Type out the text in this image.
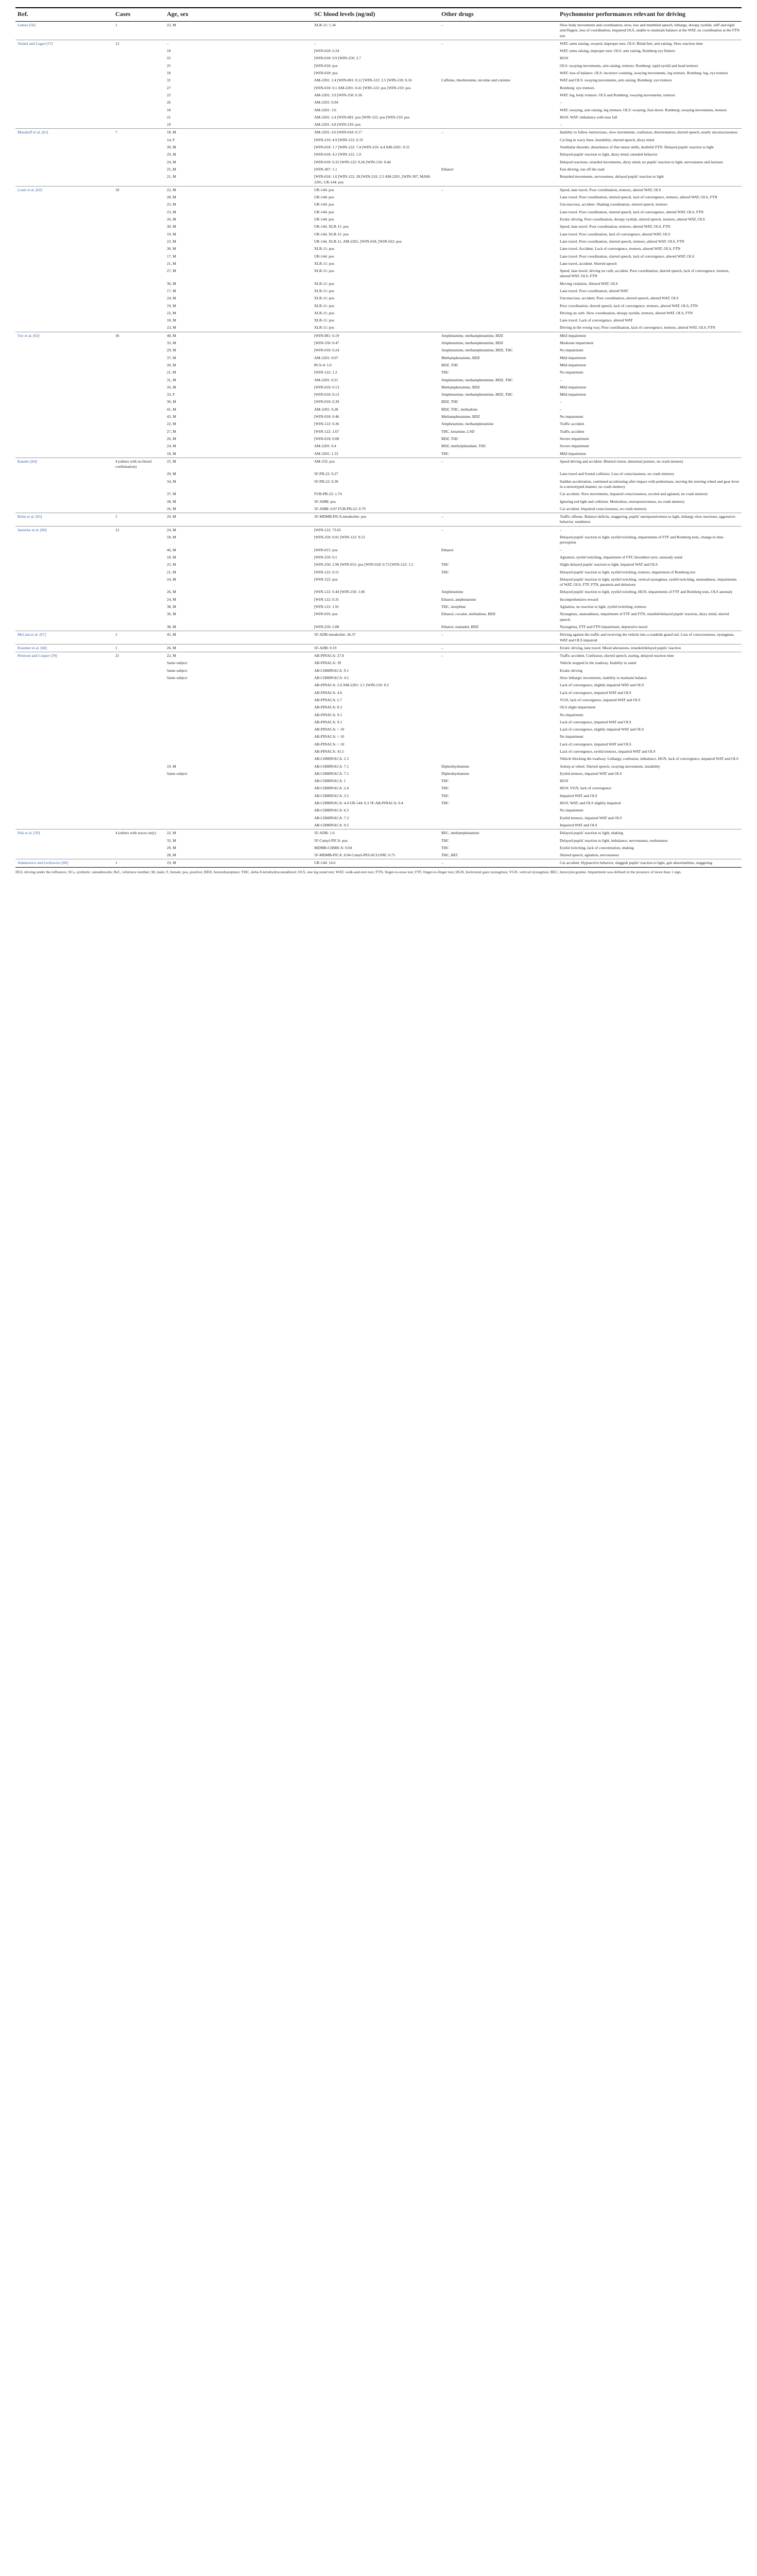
Ref.	Cases	Age, sex	SC blood levels (ng/ml)	Other drugs	Psychomotor performances relevant for driving
Lemos [56]	1	22, M	XLR-11: 1.34	–	Slow body movements and coordination, slow, low and mumbled speech, lethargy, droopy eyelids, stiff and rigid arm/fingers, loss of coordination, impaired OLS, unable to maintain balance at the WAT, no coordination at the FTN test
Yeakel and Logan [57]	12	–	–	–	WAT: arms raising, swayed, improper turn. OLS: Blind-feet, arm raising. Slow reaction time
		18	[WIN-018: 0.24		WAT: arms raising, improper turn. OLS: arm raising, Romberg eye flutters
		22	[WIN-018: 9.9 [WIN-250: 2.7		HGN
		25	[WIN-018: pos		OLS: swaying movements, arm raising, tremors. Romberg: rapid eyelid and head tremors
		18	[WIN-018: pos		WAT: loss of balance. OLS: incorrect counting, swaying movements, leg tremors. Romberg: leg, eye tremors
		31	AM-2201: 2.4 [WIN-081: 0.12 [WIN-122: 2.5 [WIN-210: 0.16	Caffeine, theobromine, nicotine and cotinine	WAT and OLS: swaying movements, arm raising. Romberg: eye tremors
		27	[WIN-018: 0.1 AM-2201: 0.41 [WIN-122: pos [WIN-210: pos		Romberg: eye tremors
		22	AM-2201: 3.9 [WIN-250: 0.36		WAT: leg, body tremors. OLS and Romberg: swaying movements, tremors
		26	AM-2201: 0.94		–
		18	AM-2201: 3.6		WAT: swaying, arm raising, leg tremors. OLS: swaying, foot down. Romberg: swaying movements, tremors
		21	AM-2201: 2.4 [WIN-081: pos [WIN-122: pos [WIN-210: pos		HGN. WAT: imbalance with near fall
		19	AM-2201: 4.8 [WIN-210: pos		–
Musshoff et al. [61]	7	18, M	AM-2201: 4.6 [WIN-018: 0.17	–	Inability to follow instructions, slow movements, confusion, disorientation, slurred speech, nearly unconsciousness
		14, F	[WIN-210: 4.9 [WIN-122: 0.33		Cycling in wavy lines. Instability, slurred speech, dizzy mind
		20, M	[WIN-018: 1.7 [WIN-122: 7.4 [WIN-210: 4.4 AM-2201: 0.31		Vestibular disorder, disturbance of fine motor skills, doubtful FTN. Delayed pupils' reaction to light
		29, M	[WIN-018: 4.2 [WIN-122: 1.0		Delayed pupils' reaction to light, dizzy mind, retarded behavior
		24, M	[WIN-018: 0.32 [WIN-122: 0.26 [WIN-210: 0.46		Delayed reactions, retarded movements, dizzy mind, no pupils' reaction to light, nervousness and laziness
		25, M	[WIN-307: 1.1	Ethanol	Fast driving, run off the road
		21, M	[WIN-018: 1.0 [WIN-122: 28 [WIN-210: 2.5 AM-2201, [WIN-307, MAM-2201, UR-144: pos		Retarded movements, nervousness, delayed pupils' reaction to light
Louis et al. [62]	18	22, M	UR-144: pos	–	Speed, lane travel. Poor coordination, tremors, altered WAT, OLS
		28, M	UR-144: pos		Lane travel. Poor coordination, slurred speech, lack of convergence, tremors, altered WAT, OLS, FTN
		25, M	UR-144: pos		Unconscious, accident. Shaking coordination, slurred speech, tremors
		23, M	UR-144: pos		Lane travel. Poor coordination, slurred speech, lack of convergence, altered WAT, OLS, FTN
		26, M	UR-144: pos		Erratic driving. Poor coordination, droopy eyelids, slurred speech, tremors, altered WAT, OLS
		30, M	UR-144, XLR-11: pos		Speed, lane travel. Poor coordination, tremors, altered WAT, OLS, FTN
		19, M	UR-144, XLR-11: pos		Lane travel. Poor coordination, lack of convergence, altered WAT, OLS
		23, M	UR-144, XLR-11, AM-2201, [WIN-018, [WIN-022: pos		Lane travel. Poor coordination, slurred speech, tremors, altered WAT, OLS, FTN
		30, M	XLR-11: pos		Lane travel. Accident. Lack of convergence, tremors, altered WAT, OLS, FTN
		17, M	UR-144: pos		Lane travel. Poor coordination, slurred speech, lack of convergence, altered WAT, OLS
		21, M	XLR-11: pos		Lane travel, accident. Slurred speech
		27, M	XLR-11: pos		Speed, lane travel, driving on curb, accident. Poor coordination, slurred speech, lack of convergence, tremors, altered WAT, OLS, FTN
		36, M	XLR-11: pos		Moving violation. Altered WAT, OLS
		17, M	XLR-11: pos		Lane travel. Poor coordination, altered WAT
		24, M	XLR-11: pos		Unconscious, accident. Poor coordination, slurred speech, altered WAT, OLS
		19, M	XLR-11: pos		Poor coordination, slurred speech, lack of convergence, tremors, altered WAT, OLS, FTN
		22, M	XLR-11: pos		Driving on curb. Slow coordination, droopy eyelids, tremors, altered WAT, OLS, FTN
		18, M	XLR-11: pos		Lane travel. Lack of convergence, altered WAT
		23, M	XLR-11: pos		Driving in the wrong way. Poor coordination, lack of convergence, tremors, altered WAT, OLS, FTN
Tuv et al. [63]	36	48, M	[WIN-081: 0.19	Amphetamine, methamphetamine, BDZ	Mild impairment
		33, M	[WIN-250: 0.47	Amphetamine, methamphetamine, BDZ	Moderate impairment
		29, M	[WIN-018: 0.24	Amphetamine, methamphetamine, BDZ, THC	No impairment
		37, M	AM-2201: 0.07	Methamphetamine, BDZ	Mild impairment
		20, M	RCS-4: 1.0	BDZ, THC	Mild impairment
		21, M	[WIN-122: 1.2	THC	No impairment
		31, M	AM-2201: 0.21	Amphetamine, methamphetamine, BDZ, THC	–
		26, M	[WIN-018: 0.13	Methamphetamine, BDZ	Mild impairment
		33, F	[WIN-018: 0.13	Amphetamine, methamphetamine, BDZ, THC	Mild impairment
		36, M	[WIN-018: 0.39	BDZ, THC	–
		41, M	AM-2201: 0.28	BDZ, THC, methadone	–
		43, M	[WIN-018: 0.46	Methamphetamine, BDZ	No impairment
		22, M	[WIN-122: 0.36	Amphetamine, methamphetamine	Traffic accident
		27, M	[WIN-122: 1.67	THC, ketamine, LSD	Traffic accident
		26, M	[WIN-018: 0.08	BDZ, THC	Severe impairment
		24, M	AM-2201: 0.4	BDZ, methylphenidate, THC	Severe impairment
		18, M	AM-2201: 1.33	THC	Mild impairment
Kaneko [64]	4 (others with no blood confirmation)	25, M	AM-232: pos	–	Speed driving and accident. Blurred vision, abnormal posture, no crash memory
		29, M	5F-PB-22: 0.27		Lane travel and frontal collision. Loss of consciousness, no crash memory
		34, M	5F-PB-22: 0.39		Sudden acceleration, continued accelerating after impact with pedestrians, moving the steering wheel and gear lever in a stereotyped manner, no crash memory
		37, M	FUB-PB-22: 1.74		Car accident. Slow movements, impaired consciousness, excited and agitated, no crash memory
		28, M	5F-AMB: pos		Ignoring red light and collision. Motionless, unresponsiveness, no crash memory
		26, M	5F-AMB: 0.07 FUB-PB-22: 0.79		Car accident. Impaired consciousness, no crash memory
Klein et al. [65]	1	29, M	5F-MDMB-PICA metabolite: pos	–	Traffic offense. Balance deficits, staggering, pupils' unresponsiveness to light, lethargy slow reactions, aggressive behavior, numbness
Jaenicke et al. [66]	12	24, M	[WIN-122: 73.65	–	–
		18, M	[WIN-250: 0.91 [WIN-122: 9.53		Delayed pupils' reaction to light, eyelid twitching, impairments of FTF and Romberg tests, change in time perception
		46, M	[WIN-015: pos	Ethanol	–
		18, M	[WIN-250: 0.1		Agitation, eyelid twitching, impairment of FTF, bloodshot eyes, unsteady stand
		25, M	[WIN-250: 2.96 [WIN-015: pos [WIN-018: 0.73 [WIN-122: 1.5	THC	Slight delayed pupils' reaction to light, impaired WAT and OLS
		21, M	[WIN-122: 0.11	THC	Delayed pupils' reaction to light, eyelid twitching, tremors, impairment of Romberg test
		24, M	[WIN-122: pos		Delayed pupils' reaction to light, eyelid twitching, vertical nystagmus, eyelid twitching, unsteadiness, impairments of WAT, OLS, FTF, FTN, paranoia and delusions
		26, M	[WIN-122: 0.44 [WIN-250: 1.06	Amphetamine	Delayed pupils' reaction to light, eyelid twitching, HGN, impairments of FTF and Romberg tests, OLS anomaly
		24, M	[WIN-122: 0.31	Ethanol, amphetamine	Incomprehensive reward
		38, M	[WIN-122: 1.91	THC, morphine	Agitation, no reaction to light, eyelid twitching, tremors
		36, M	[WIN-016: pos	Ethanol, cocaine, methadone, BDZ	Nystagmus, unsteadiness, impairment of FTF and FTN, retarded/delayed pupils' reaction, dizzy mind, slurred speech
		38, M	[WIN-250: 2.88	Ethanol, tramadol, BDZ	Nystagmus, FTF and FTN impairment, depressive mood
McCain et al. [67]	1	45, M	5F-ADB metabolite: 26.37	–	Driving against the traffic and swerving the vehicle into a roadside guard rail. Loss of consciousness, nystagmus, WAT and OLS impaired
Kraemer et al. [68]	1	26, M	5F-ADB: 0.19	–	Erratic driving, lane travel. Mood alterations, retarded/delayed pupils' reaction
Peterson and Couper [39]	21	22, M	AB-PINACA: 27.8	–	Traffic accident. Confusion, slurred speech, staring, delayed reaction time
		Same subject	AB-PINACA: 39		Vehicle stopped in the roadway. Inability to stand
		Same subject	AB-CHMINACA: 9.1		Erratic driving
		Same subject	AB-CHMINACA: 4.5		Slow lethargic movements, inability to maintain balance
			AB-PINACA: 2.6 AM-2201: 2.1 [WIN-210: 0.2		Lack of convergence, slightly impaired WAT and OLS
			AB-PINACA: 4.6		Lack of convergence, impaired WAT and OLS
			AB-PINACA: 5.7		VGN, lack of convergence, impaired WAT and OLS
			AB-PINACA: 8.3		OLS slight impairment
			AB-PINACA: 9.1		No impairment
			AB-PINACA: 9.1		Lack of convergence, impaired WAT and OLS
			AB-PINACA: > 10		Lack of convergence, slightly impaired WAT and OLS
			AB-PINACA: > 10		No impairment
			AB-PINACA: > 10		Lack of convergence, impaired WAT and OLS
			AB-PINACA: 41.5		Lack of convergence, eyelid tremors, impaired WAT and OLS
			AB-CHMINACA: 2.3		Vehicle blocking the roadway. Lethargy, confusion, imbalance, HGN, lack of convergence, impaired WAT and OLS
		19, M	AB-CHMINACA: 7.1	Diphenhydramine	Asleep at wheel. Slurred speech, swaying movements, instability
		Same subject	AB-CHMINACA: 7.1	Diphenhydramine	Eyelid tremors, impaired WAT and OLS
			AB-CHMINACA: 1	THC	HGN
			AB-CHMINACA: 2.4	THC	HGN, VGN, lack of convergence
			AB-CHMINACA: 3.5	THC	Impaired WAT and OLS
			AB-CHMINACA: 4.4 UR-144: 0.3 5F-AB-PINACA: 0.4	THC	HGN, WAT, and OLS slightly impaired
			AB-CHMINACA: 6.3		No impairment
			AB-CHMINACA: 7.3		Eyelid tremors, impaired WAT and OLS
			AB-CHMINACA: 9.5		Impaired WAT and OLS
Fels et al. [59]	4 (others with traces only)	22, M	5F-ADB: 1.6	BEC, methamphetamine	Delayed pupils' reaction to light, shaking
		32, M	5F-Cumyl-PICA: pos	THC	Delayed pupils' reaction to light, imbalance, nervousness, restlessness
		29, M	MDMB-CHMICA: 0.04	THC	Eyelid twitching, lack of concentration, shaking
		28, M	5F-MDMB-PICA: 0.04 Cumyl-PEGACLONE: 0.75	THC, BEC	Slurred speech, agitation, nervousness
Adamowicz and Lechowicz [60]	1	19, M	UR-144: 14.6	–	Car accident. Hypoactive behavior, sluggish pupils' reaction to light, gait abnormalities, staggering
DUI, driving under the influence; SCs, synthetic cannabinoids; Ref., reference number; M, male; F, female; pos, positive; BDZ, benzodiazepines; THC, delta-9-tetrahydrocannabinol; OLS, one leg stand test; WAT, walk-and-turn test; FTN, finger-to-nose test; FTF, finger-to-finger test; HGN, horizontal gaze nystagmus; VGN, vertical nystagmus; BEC, benzoylecgonine. Impairment was defined in the presence of more than 1 sign.
